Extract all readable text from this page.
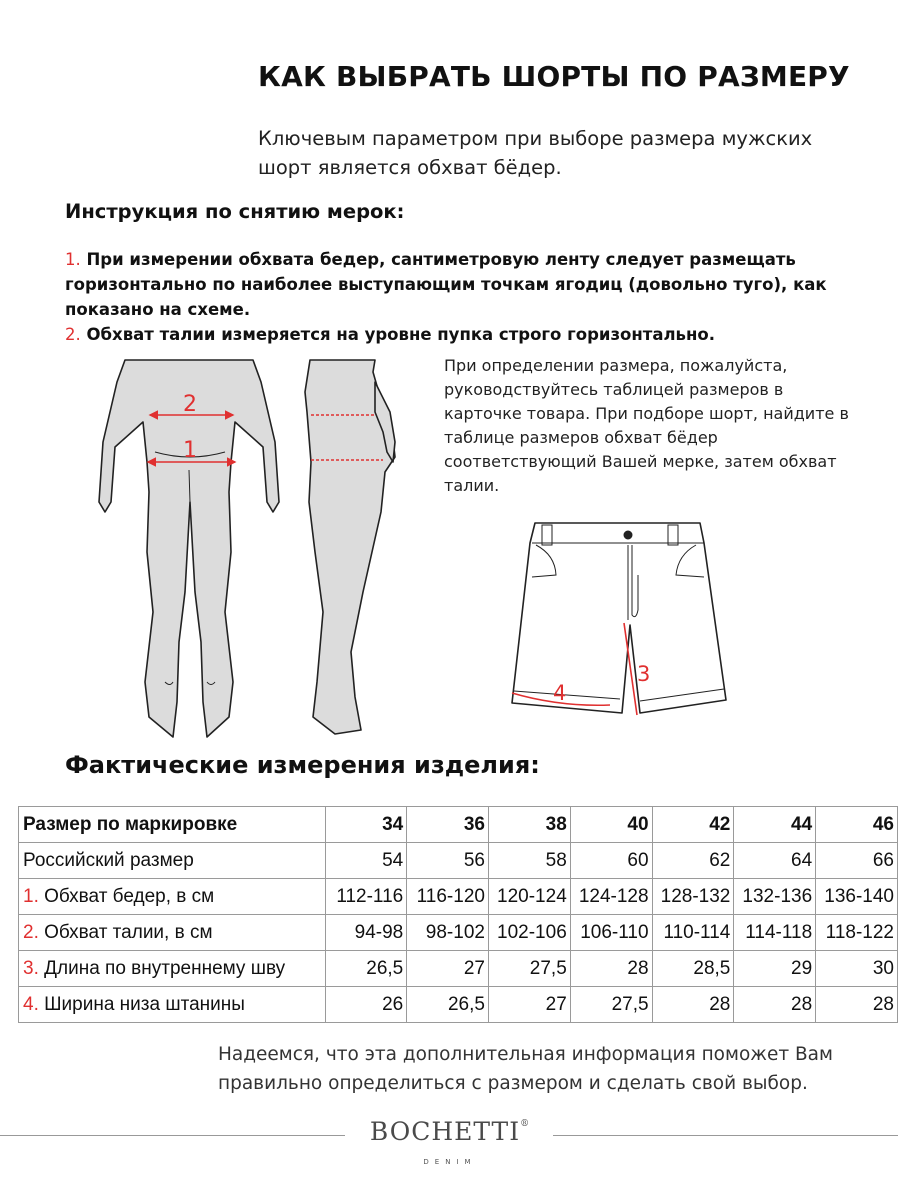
КАК ВЫБРАТЬ ШОРТЫ ПО РАЗМЕРУ
Ключевым параметром при выборе размера мужских шорт является обхват бёдер.
Инструкция по снятию мерок:
1. При измерении обхвата бедер, сантиметровую ленту следует размещать горизонтально по наиболее выступающим точкам ягодиц (довольно туго), как показано на схеме.
2. Обхват талии измеряется на уровне пупка строго горизонтально.
2
1
При определении размера, пожалуйста, руководствуйтесь таблицей размеров в карточке товара. При подборе шорт, найдите в таблице размеров обхват бёдер соответствующий Вашей мерке, затем обхват талии.
3
4
Фактические измерения изделия:
Размер по маркировке	34	36	38	40	42	44	46
Российский размер	54	56	58	60	62	64	66
1. Обхват бедер, в см	112-116	116-120	120-124	124-128	128-132	132-136	136-140
2. Обхват талии, в см	94-98	98-102	102-106	106-110	110-114	114-118	118-122
3. Длина по внутреннему шву	26,5	27	27,5	28	28,5	29	30
4. Ширина низа штанины	26	26,5	27	27,5	28	28	28
Надеемся, что эта дополнительная информация поможет Вам правильно определиться с размером и сделать свой выбор.
BOCHETTI®
DENIM
